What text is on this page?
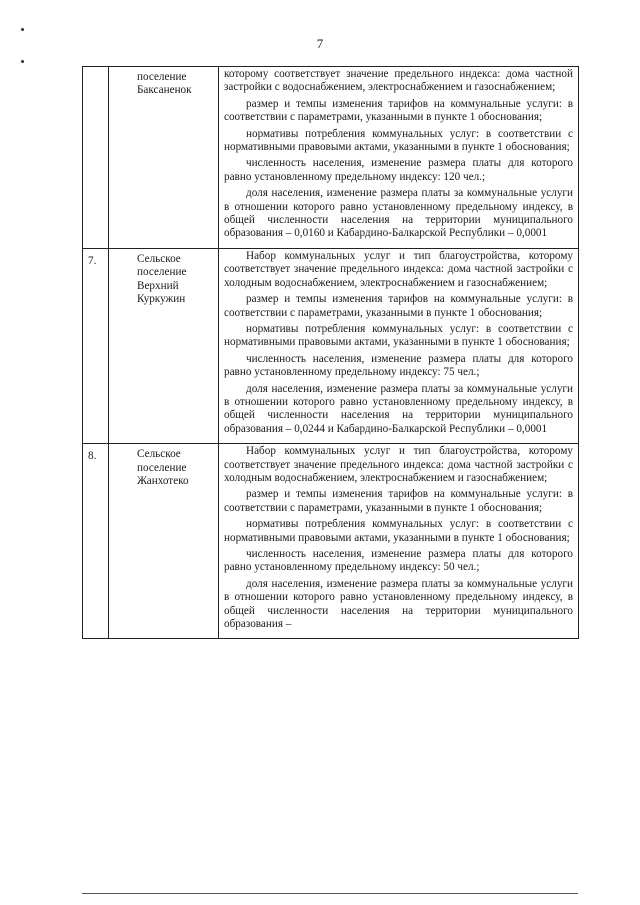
7
	поселение Баксаненок	которому соответствует значение предельного индекса: дома частной застройки с водоснабжением, электроснабжением и газоснабжением;

размер и темпы изменения тарифов на коммунальные услуги: в соответствии с параметрами, указанными в пункте 1 обоснования;

нормативы потребления коммунальных услуг: в соответствии с нормативными правовыми актами, указанными в пункте 1 обоснования;

численность населения, изменение размера платы для которого равно установленному предельному индексу: 120 чел.;

доля населения, изменение размера платы за коммунальные услуги в отношении которого равно установленному предельному индексу, в общей численности населения на территории муниципального образования – 0,0160 и Кабардино-Балкарской Республики – 0,0001

7.	Сельское поселение Верхний Куркужин	Набор коммунальных услуг и тип благоустройства, которому соответствует значение предельного индекса: дома частной застройки с холодным водоснабжением, электроснабжением и газоснабжением;

размер и темпы изменения тарифов на коммунальные услуги: в соответствии с параметрами, указанными в пункте 1 обоснования;

нормативы потребления коммунальных услуг: в соответствии с нормативными правовыми актами, указанными в пункте 1 обоснования;

численность населения, изменение размера платы для которого равно установленному предельному индексу: 75 чел.;

доля населения, изменение размера платы за коммунальные услуги в отношении которого равно установленному предельному индексу, в общей численности населения на территории муниципального образования – 0,0244 и Кабардино-Балкарской Республики – 0,0001

8.	Сельское поселение Жанхотеко	Набор коммунальных услуг и тип благоустройства, которому соответствует значение предельного индекса: дома частной застройки с холодным водоснабжением, электроснабжением и газоснабжением;

размер и темпы изменения тарифов на коммунальные услуги: в соответствии с параметрами, указанными в пункте 1 обоснования;

нормативы потребления коммунальных услуг: в соответствии с нормативными правовыми актами, указанными в пункте 1 обоснования;

численность населения, изменение размера платы для которого равно установленному предельному индексу: 50 чел.;

доля населения, изменение размера платы за коммунальные услуги в отношении которого равно установленному предельному индексу, в общей численности населения на территории муниципального образования –
